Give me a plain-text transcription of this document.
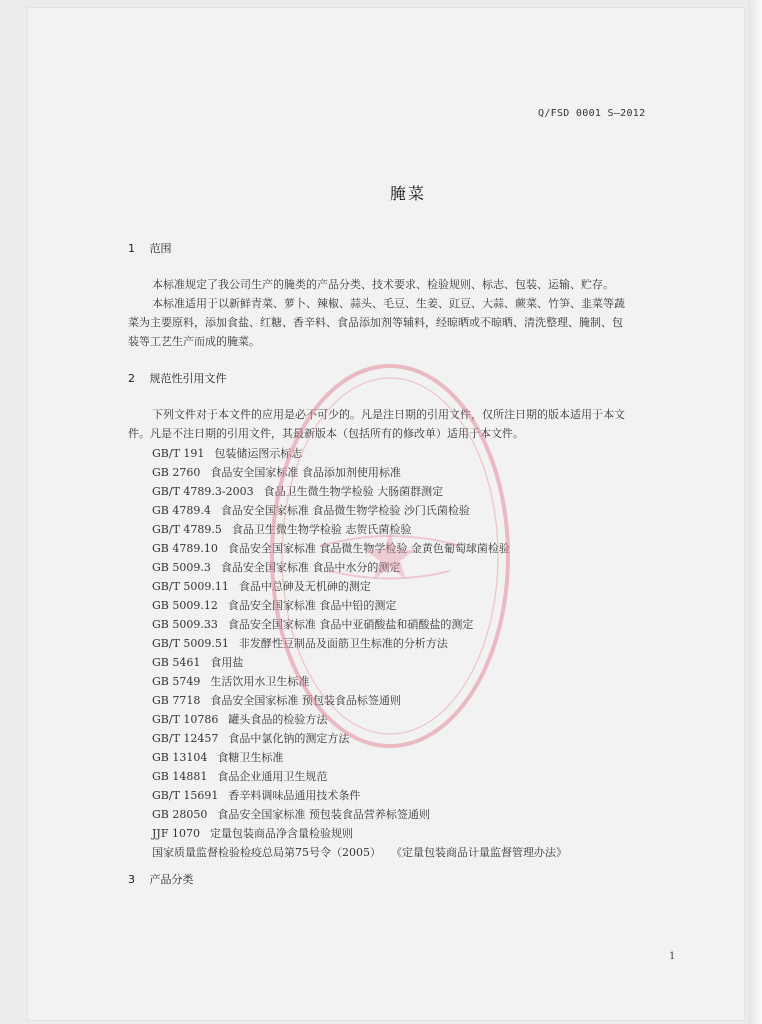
Q/FSD 0001 S—2012
腌菜
1 范围
本标准规定了我公司生产的腌类的产品分类、技术要求、检验规则、标志、包装、运输、贮存。
本标准适用于以新鲜青菜、萝卜、辣椒、蒜头、毛豆、生姜、豇豆、大蒜、蕨菜、竹笋、韭菜等蔬
菜为主要原料，添加食盐、红糖、香辛料、食品添加剂等辅料，经晾晒或不晾晒、清洗整理、腌制、包
装等工艺生产而成的腌菜。
2 规范性引用文件
下列文件对于本文件的应用是必不可少的。凡是注日期的引用文件，仅所注日期的版本适用于本文
件。凡是不注日期的引用文件，其最新版本（包括所有的修改单）适用于本文件。
GB/T 191 包装储运图示标志
GB 2760 食品安全国家标准 食品添加剂使用标准
GB/T 4789.3-2003 食品卫生微生物学检验 大肠菌群测定
GB 4789.4 食品安全国家标准 食品微生物学检验 沙门氏菌检验
GB/T 4789.5 食品卫生微生物学检验 志贺氏菌检验
GB 4789.10 食品安全国家标准 食品微生物学检验 金黄色葡萄球菌检验
GB 5009.3 食品安全国家标准 食品中水分的测定
GB/T 5009.11 食品中总砷及无机砷的测定
GB 5009.12 食品安全国家标准 食品中铅的测定
GB 5009.33 食品安全国家标准 食品中亚硝酸盐和硝酸盐的测定
GB/T 5009.51 非发酵性豆制品及面筋卫生标准的分析方法
GB 5461 食用盐
GB 5749 生活饮用水卫生标准
GB 7718 食品安全国家标准 预包装食品标签通则
GB/T 10786 罐头食品的检验方法
GB/T 12457 食品中氯化钠的测定方法
GB 13104 食糖卫生标准
GB 14881 食品企业通用卫生规范
GB/T 15691 香辛料调味品通用技术条件
GB 28050 食品安全国家标准 预包装食品营养标签通则
JJF 1070 定量包装商品净含量检验规则
国家质量监督检验检疫总局第75号令（2005） 《定量包装商品计量监督管理办法》
3 产品分类
1
